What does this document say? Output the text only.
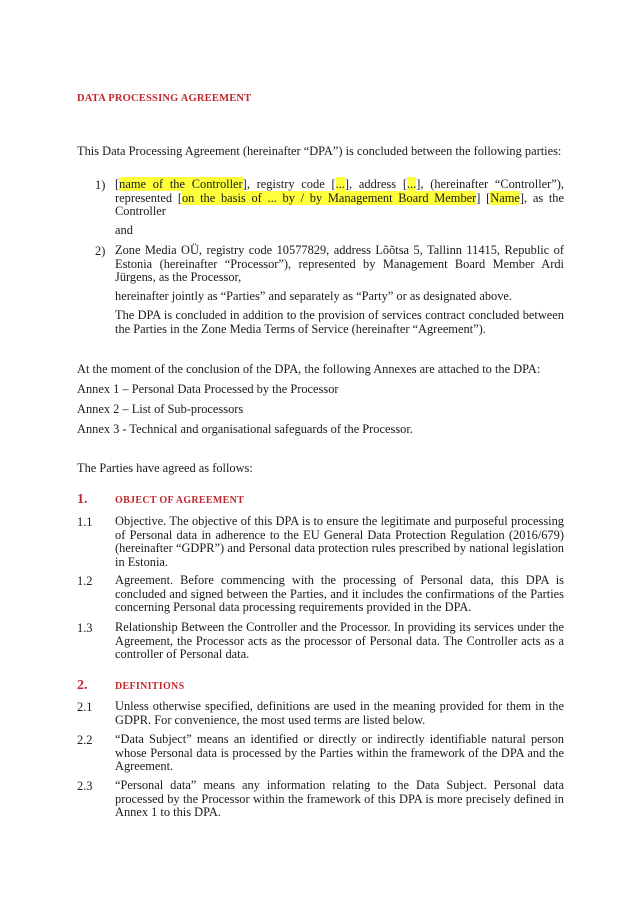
DATA PROCESSING AGREEMENT
This Data Processing Agreement (hereinafter “DPA”) is concluded between the following parties:
1) [name of the Controller], registry code [...], address [...], (hereinafter “Controller”), represented [on the basis of ... by / by Management Board Member] [Name], as the Controller
and
2) Zone Media OÜ, registry code 10577829, address Lõõtsa 5, Tallinn 11415, Republic of Estonia (hereinafter “Processor”), represented by Management Board Member Ardi Jürgens, as the Processor,
hereinafter jointly as “Parties” and separately as “Party” or as designated above.
The DPA is concluded in addition to the provision of services contract concluded between the Parties in the Zone Media Terms of Service (hereinafter “Agreement”).
At the moment of the conclusion of the DPA, the following Annexes are attached to the DPA:
Annex 1 – Personal Data Processed by the Processor
Annex 2 – List of Sub-processors
Annex 3 - Technical and organisational safeguards of the Processor.
The Parties have agreed as follows:
1.	OBJECT OF AGREEMENT
1.1 Objective. The objective of this DPA is to ensure the legitimate and purposeful processing of Personal data in adherence to the EU General Data Protection Regulation (2016/679) (hereinafter “GDPR”) and Personal data protection rules prescribed by national legislation in Estonia.
1.2 Agreement. Before commencing with the processing of Personal data, this DPA is concluded and signed between the Parties, and it includes the confirmations of the Parties concerning Personal data processing requirements provided in the DPA.
1.3 Relationship Between the Controller and the Processor. In providing its services under the Agreement, the Processor acts as the processor of Personal data. The Controller acts as a controller of Personal data.
2.	DEFINITIONS
2.1 Unless otherwise specified, definitions are used in the meaning provided for them in the GDPR. For convenience, the most used terms are listed below.
2.2 “Data Subject” means an identified or directly or indirectly identifiable natural person whose Personal data is processed by the Parties within the framework of the DPA and the Agreement.
2.3 “Personal data” means any information relating to the Data Subject. Personal data processed by the Processor within the framework of this DPA is more precisely defined in Annex 1 to this DPA.
